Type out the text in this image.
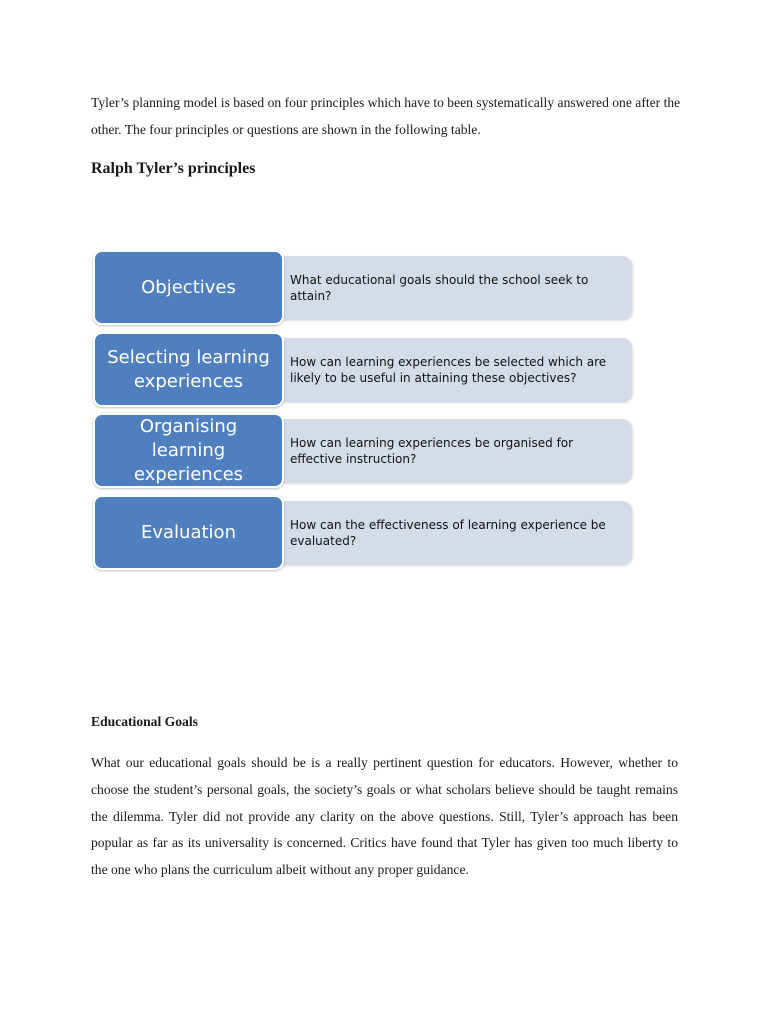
Tyler’s planning model is based on four principles which have to been systematically answered one after the other. The four principles or questions are shown in the following table.

Ralph Tyler’s principles
What educational goals should the school seek to attain?
Objectives
How can learning experiences be selected which are likely to be useful in attaining these objectives?
Selecting learning experiences
How can learning experiences be organised for effective instruction?
Organising learning experiences
How can the effectiveness of learning experience be evaluated?
Evaluation
Educational Goals

What our educational goals should be is a really pertinent question for educators. However, whether to choose the student’s personal goals, the society’s goals or what scholars believe should be taught remains the dilemma. Tyler did not provide any clarity on the above questions. Still, Tyler’s approach has been popular as far as its universality is concerned. Critics have found that Tyler has given too much liberty to the one who plans the curriculum albeit without any proper guidance.
